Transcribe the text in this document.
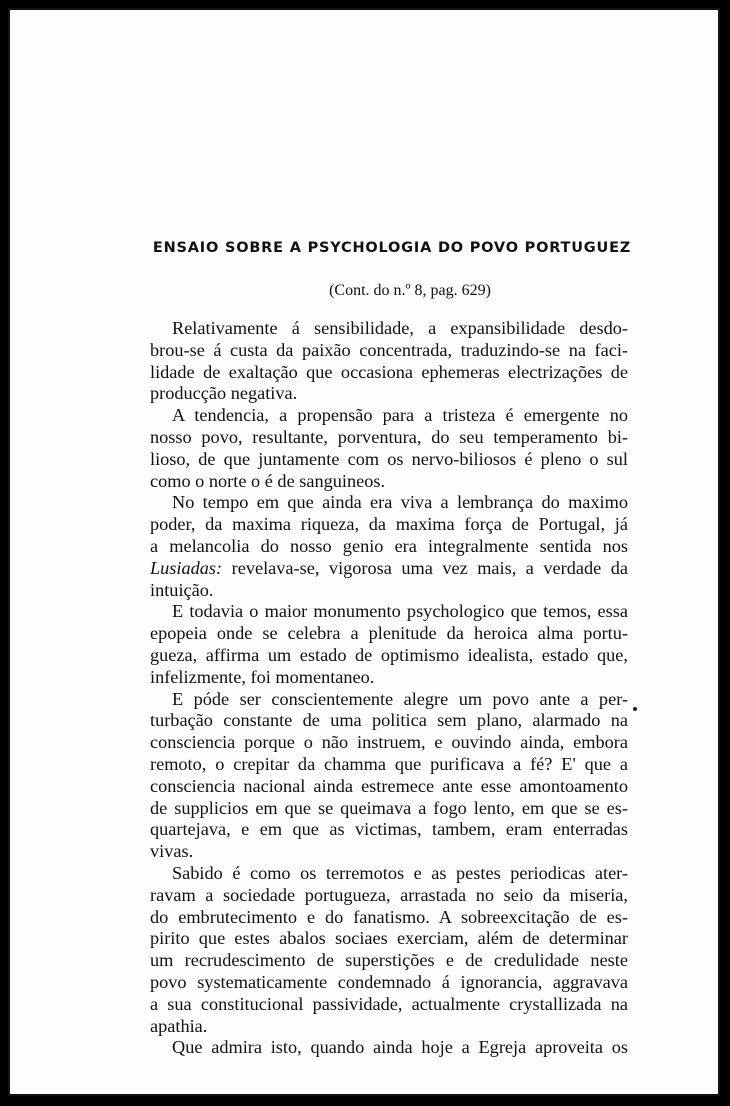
ENSAIO SOBRE A PSYCHOLOGIA DO POVO PORTUGUEZ
(Cont. do n.º 8, pag. 629)

Relativamente á sensibilidade, a expansibilidade desdo-
brou-se á custa da paixão concentrada, traduzindo-se na faci-
lidade de exaltação que occasiona ephemeras electrizações de
producção negativa.

A tendencia, a propensão para a tristeza é emergente no
nosso povo, resultante, porventura, do seu temperamento bi-
lioso, de que juntamente com os nervo-biliosos é pleno o sul
como o norte o é de sanguineos.

No tempo em que ainda era viva a lembrança do maximo
poder, da maxima riqueza, da maxima força de Portugal, já
a melancolia do nosso genio era integralmente sentida nos
Lusiadas: revelava-se, vigorosa uma vez mais, a verdade da
intuição.

E todavia o maior monumento psychologico que temos, essa
epopeia onde se celebra a plenitude da heroica alma portu-
gueza, affirma um estado de optimismo idealista, estado que,
infelizmente, foi momentaneo.

E póde ser conscientemente alegre um povo ante a per-
turbação constante de uma politica sem plano, alarmado na
consciencia porque o não instruem, e ouvindo ainda, embora
remoto, o crepitar da chamma que purificava a fé? E' que a
consciencia nacional ainda estremece ante esse amontoamento
de supplicios em que se queimava a fogo lento, em que se es-
quartejava, e em que as victimas, tambem, eram enterradas
vivas.

Sabido é como os terremotos e as pestes periodicas ater-
ravam a sociedade portugueza, arrastada no seio da miseria,
do embrutecimento e do fanatismo. A sobreexcitação de es-
pirito que estes abalos sociaes exerciam, além de determinar
um recrudescimento de superstições e de credulidade neste
povo systematicamente condemnado á ignorancia, aggravava
a sua constitucional passividade, actualmente crystallizada na
apathia.

Que admira isto, quando ainda hoje a Egreja aproveita os
